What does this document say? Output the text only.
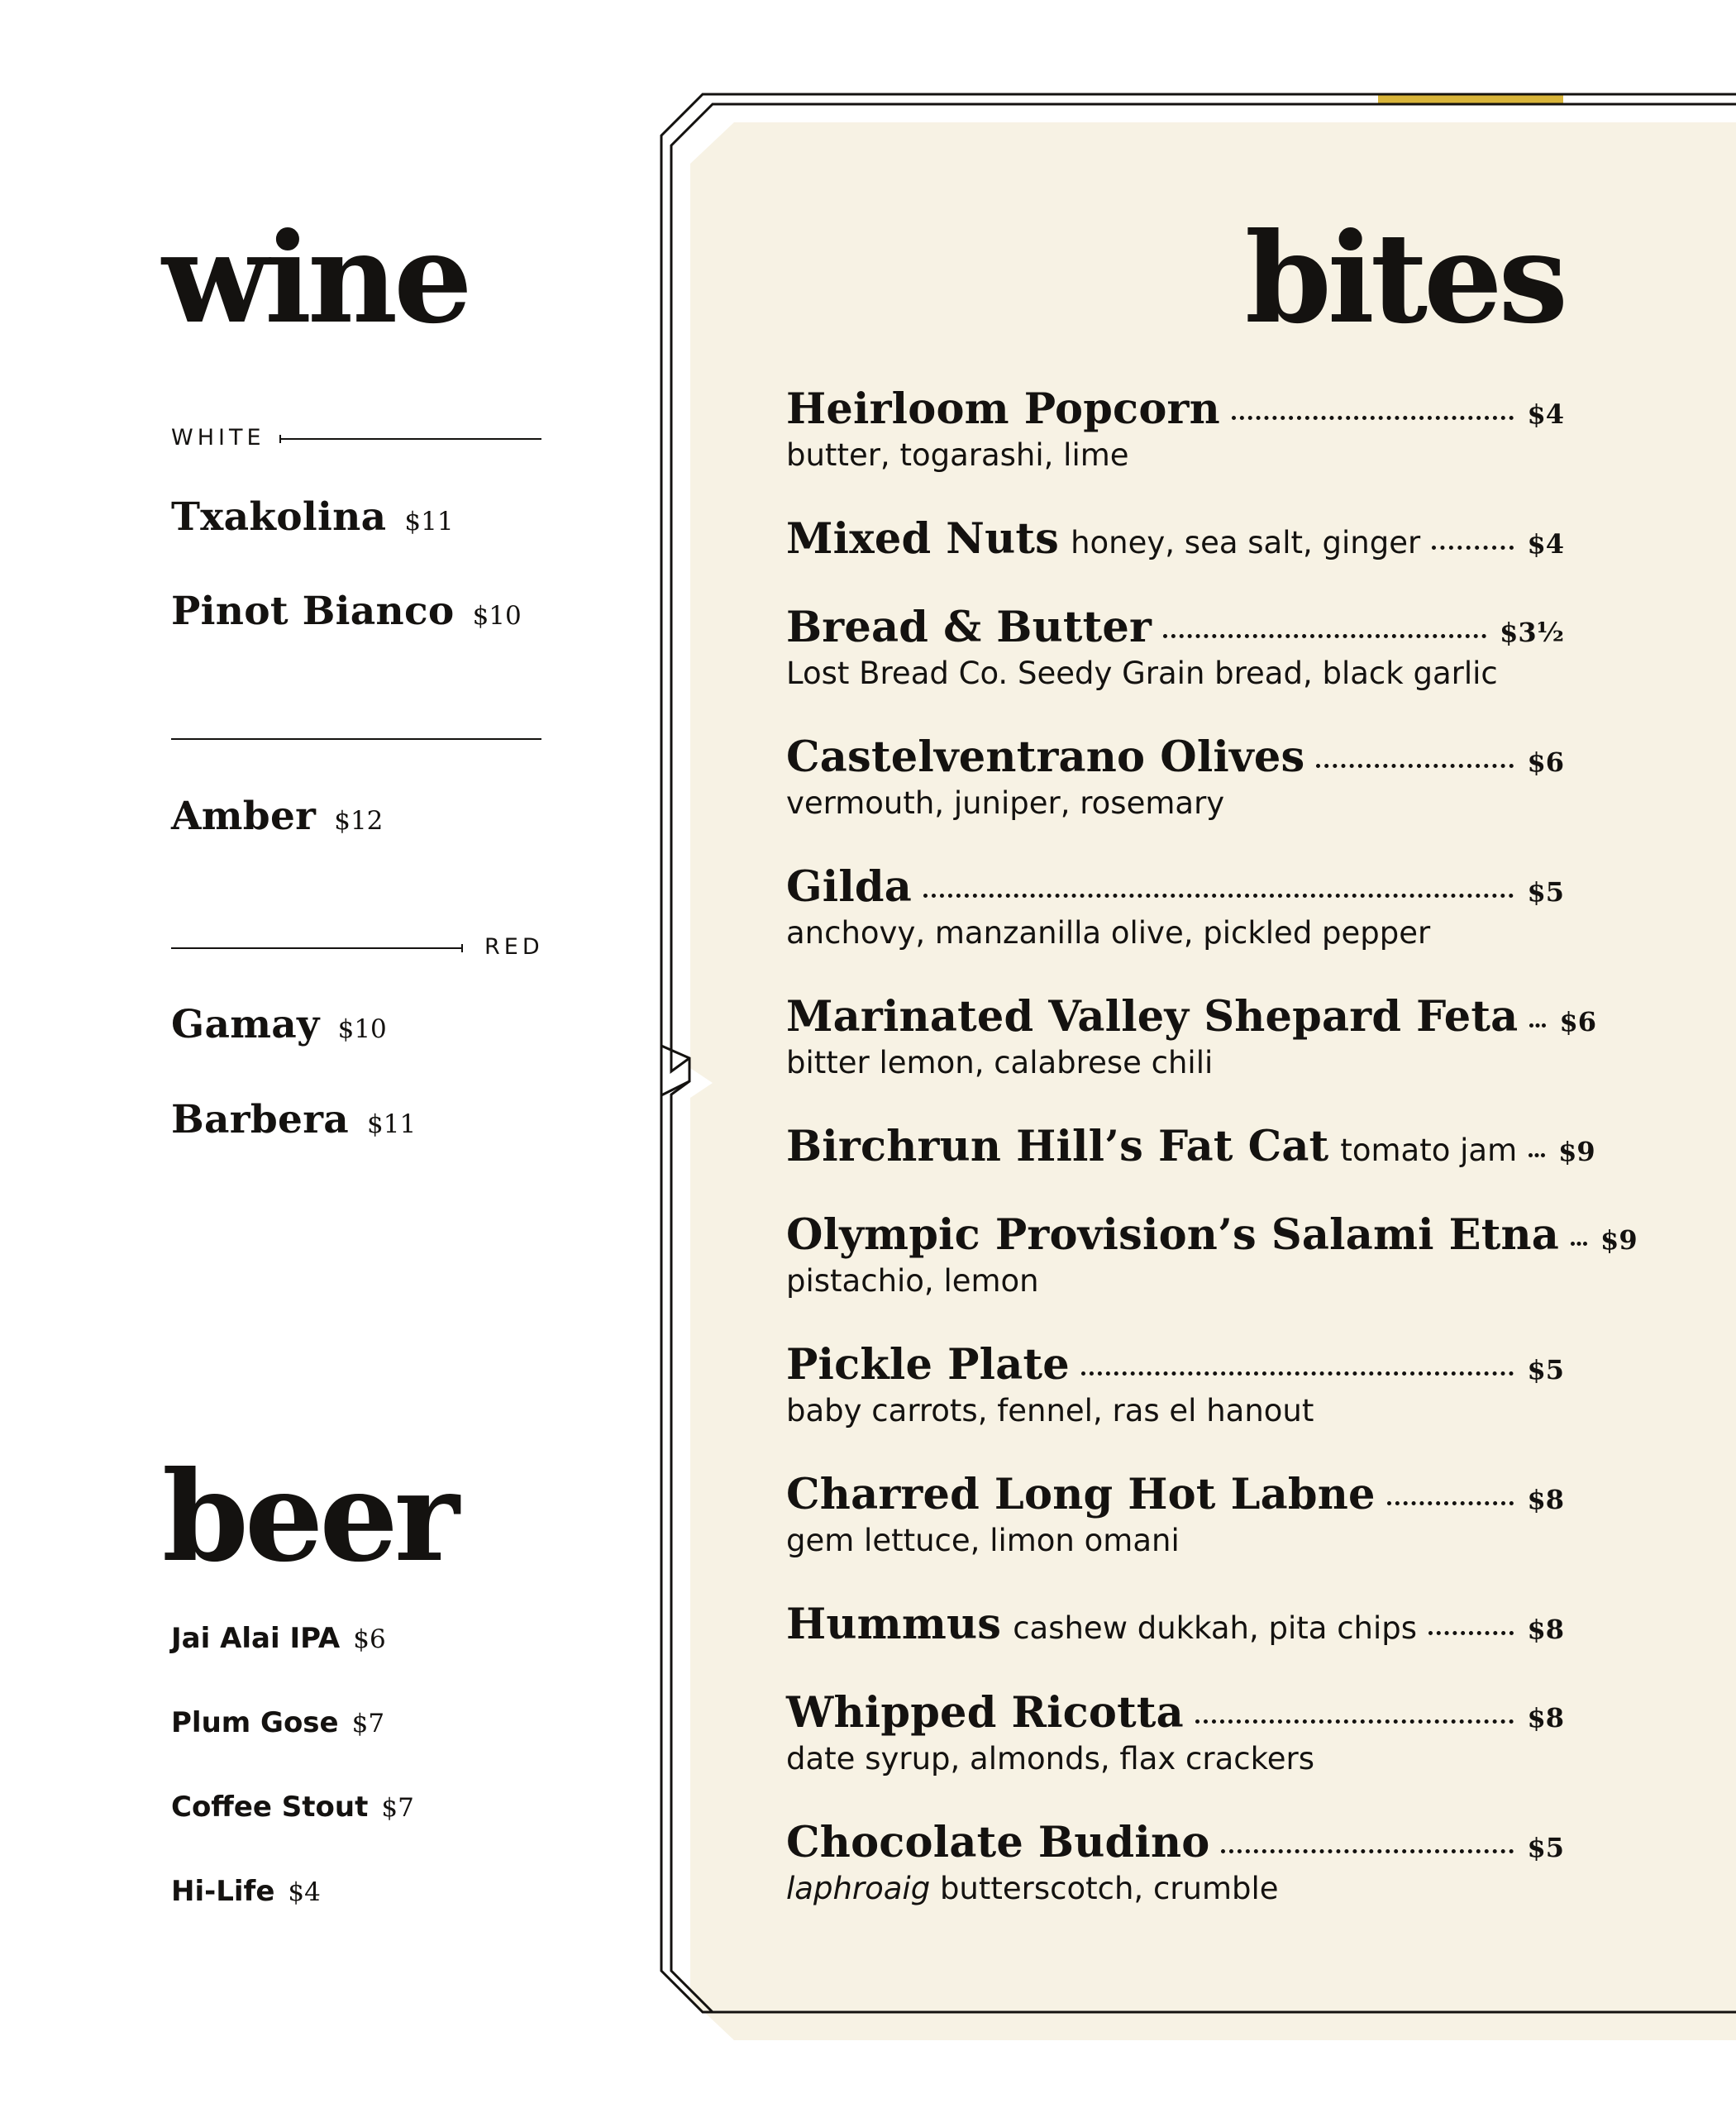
wine
WHITE
Txakolina $11
Pinot Bianco $10
Amber $12
RED
Gamay $10
Barbera $11
beer
Jai Alai IPA $6
Plum Gose $7
Coffee Stout $7
Hi-Life $4
bites
Heirloom Popcorn	$4
butter, togarashi, lime
Mixed Nuts honey, sea salt, ginger	$4
Bread & Butter	$3½
Lost Bread Co. Seedy Grain bread, black garlic
Castelventrano Olives	$6
vermouth, juniper, rosemary
Gilda	$5
anchovy, manzanilla olive, pickled pepper
Marinated Valley Shepard Feta $6
bitter lemon, calabrese chili
Birchrun Hill’s Fat Cat tomato jam $9
Olympic Provision’s Salami Etna $9
pistachio, lemon
Pickle Plate	$5
baby carrots, fennel, ras el hanout
Charred Long Hot Labne	$8
gem lettuce, limon omani
Hummus cashew dukkah, pita chips	$8
Whipped Ricotta	$8
date syrup, almonds, flax crackers
Chocolate Budino	$5
laphroaig butterscotch, crumble
